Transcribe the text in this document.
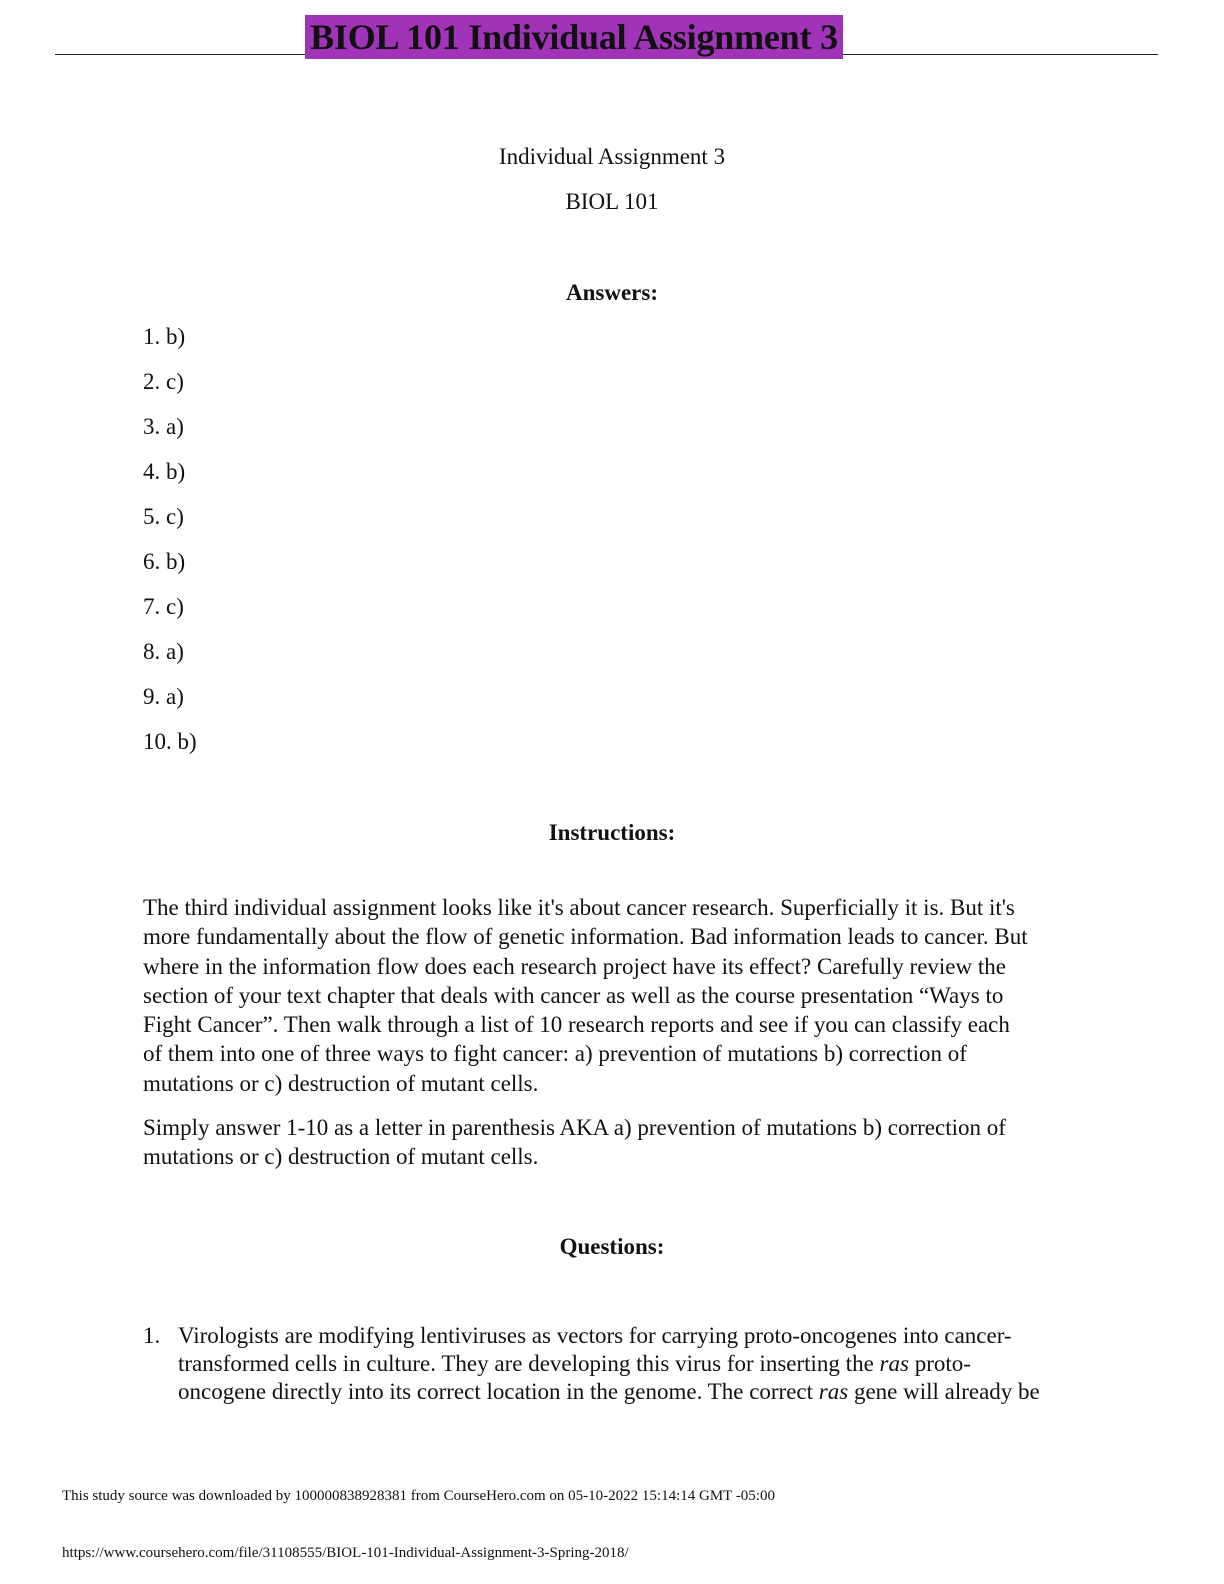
BIOL 101 Individual Assignment 3
Individual Assignment 3
BIOL 101
Answers:
1. b)
2. c)
3. a)
4. b)
5. c)
6. b)
7. c)
8. a)
9. a)
10. b)
Instructions:
The third individual assignment looks like it's about cancer research. Superficially it is. But it's
more fundamentally about the flow of genetic information. Bad information leads to cancer. But
where in the information flow does each research project have its effect? Carefully review the
section of your text chapter that deals with cancer as well as the course presentation “Ways to
Fight Cancer”. Then walk through a list of 10 research reports and see if you can classify each
of them into one of three ways to fight cancer: a) prevention of mutations b) correction of
mutations or c) destruction of mutant cells.
Simply answer 1-10 as a letter in parenthesis AKA a) prevention of mutations b) correction of
mutations or c) destruction of mutant cells.
Questions:
1. Virologists are modifying lentiviruses as vectors for carrying proto-oncogenes into cancer-
transformed cells in culture. They are developing this virus for inserting the ras proto-
oncogene directly into its correct location in the genome. The correct ras gene will already be
This study source was downloaded by 100000838928381 from CourseHero.com on 05-10-2022 15:14:14 GMT -05:00
https://www.coursehero.com/file/31108555/BIOL-101-Individual-Assignment-3-Spring-2018/
